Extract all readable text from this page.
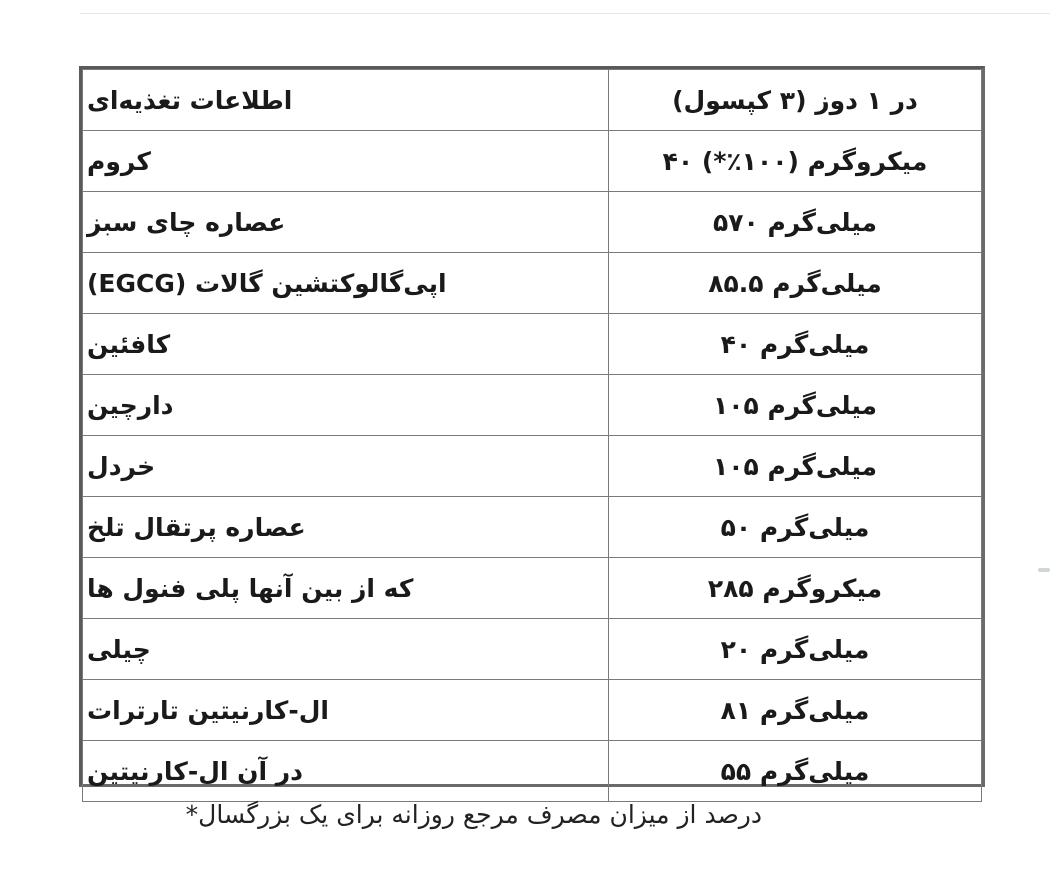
اطلاعات تغذیه‌ای	در ۱ دوز (۳ کپسول)

کروم	میکروگرم (۱۰۰٪*) ۴۰

عصاره چای سبز	میلی‌گرم ۵۷۰

(EGCG) اپی‌گالوکتشین گالات	میلی‌گرم ۸۵.۵

کافئین	میلی‌گرم ۴۰

دارچین	میلی‌گرم ۱۰۵

خردل	میلی‌گرم ۱۰۵

عصاره پرتقال تلخ	میلی‌گرم ۵۰

که از بین آنها پلی فنول ها	میکروگرم ۲۸۵

چیلی	میلی‌گرم ۲۰

ال-کارنیتین تارترات	میلی‌گرم ۸۱

در آن ال-کارنیتین	میلی‌گرم ۵۵
درصد از میزان مصرف مرجع روزانه برای یک بزرگسال*
